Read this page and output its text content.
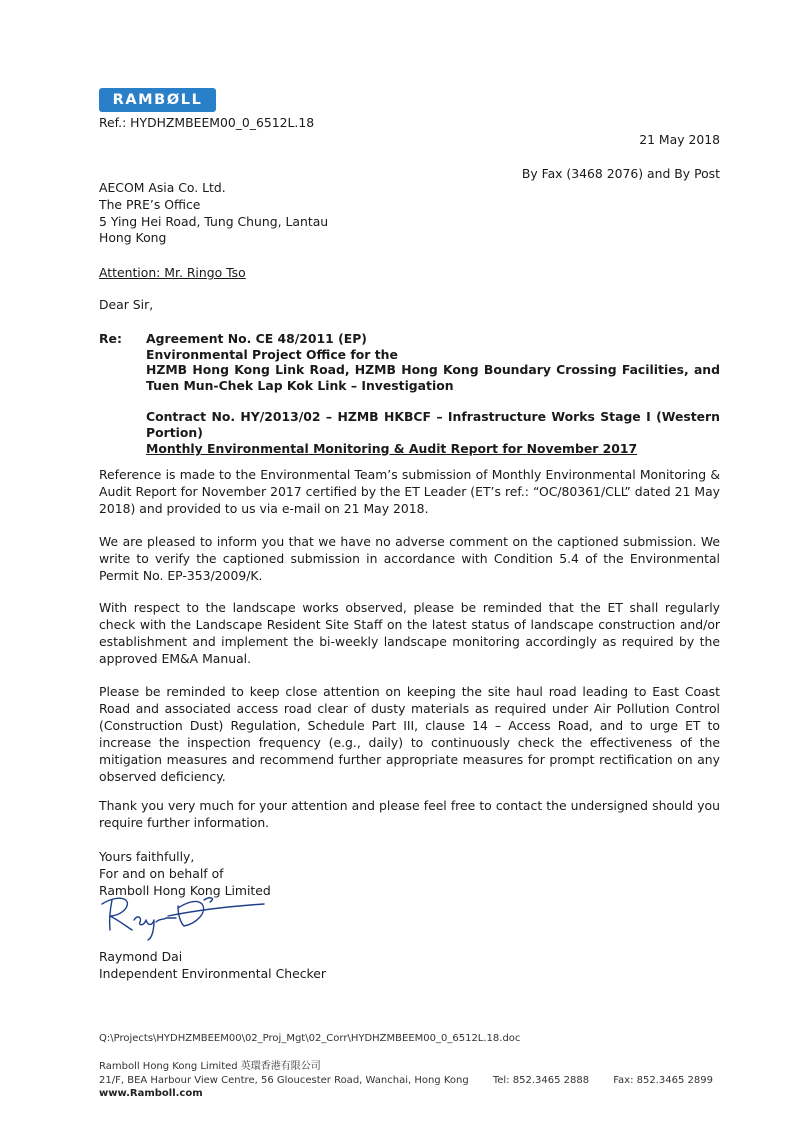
RAMBØLL
Ref.: HYDHZMBEEM00_0_6512L.18
21 May 2018
By Fax (3468 2076) and By Post
AECOM Asia Co. Ltd.
The PRE’s Office
5 Ying Hei Road, Tung Chung, Lantau
Hong Kong
Attention: Mr. Ringo Tso
Dear Sir,
Re: Agreement No. CE 48/2011 (EP)
Environmental Project Office for the
HZMB Hong Kong Link Road, HZMB Hong Kong Boundary Crossing Facilities, and Tuen Mun-Chek Lap Kok Link – Investigation
Contract No. HY/2013/02 – HZMB HKBCF – Infrastructure Works Stage I (Western Portion)
Monthly Environmental Monitoring & Audit Report for November 2017
Reference is made to the Environmental Team’s submission of Monthly Environmental Monitoring & Audit Report for November 2017 certified by the ET Leader (ET’s ref.: “OC/80361/CLL” dated 21 May 2018) and provided to us via e-mail on 21 May 2018.
We are pleased to inform you that we have no adverse comment on the captioned submission. We write to verify the captioned submission in accordance with Condition 5.4 of the Environmental Permit No. EP-353/2009/K.
With respect to the landscape works observed, please be reminded that the ET shall regularly check with the Landscape Resident Site Staff on the latest status of landscape construction and/or establishment and implement the bi-weekly landscape monitoring accordingly as required by the approved EM&A Manual.
Please be reminded to keep close attention on keeping the site haul road leading to East Coast Road and associated access road clear of dusty materials as required under Air Pollution Control (Construction Dust) Regulation, Schedule Part III, clause 14 – Access Road, and to urge ET to increase the inspection frequency (e.g., daily) to continuously check the effectiveness of the mitigation measures and recommend further appropriate measures for prompt rectification on any observed deficiency.
Thank you very much for your attention and please feel free to contact the undersigned should you require further information.
Yours faithfully,
For and on behalf of
Ramboll Hong Kong Limited
Raymond Dai
Independent Environmental Checker
Q:\Projects\HYDHZMBEEM00\02_Proj_Mgt\02_Corr\HYDHZMBEEM00_0_6512L.18.doc
Ramboll Hong Kong Limited 英環香港有限公司
21/F, BEA Harbour View Centre, 56 Gloucester Road, Wanchai, Hong Kong Tel: 852.3465 2888 Fax: 852.3465 2899
www.Ramboll.com
